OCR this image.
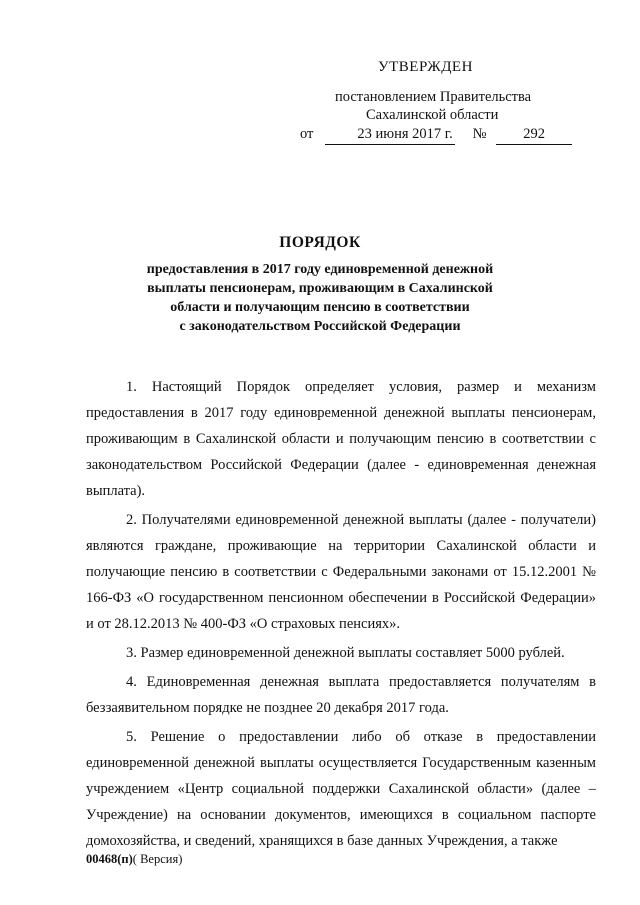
УТВЕРЖДЕН
постановлением Правительства
Сахалинской области
от	23 июня 2017 г. №	292
ПОРЯДОК
предоставления в 2017 году единовременной денежной
выплаты пенсионерам, проживающим в Сахалинской
области и получающим пенсию в соответствии
с законодательством Российской Федерации

1. Настоящий Порядок определяет условия, размер и механизм предоставления в 2017 году единовременной денежной выплаты пенсионерам, проживающим в Сахалинской области и получающим пенсию в соответствии с законодательством Российской Федерации (далее - единовременная денежная выплата).

2. Получателями единовременной денежной выплаты (далее - получатели) являются граждане, проживающие на территории Сахалинской области и получающие пенсию в соответствии с Федеральными законами от 15.12.2001 № 166-ФЗ «О государственном пенсионном обеспечении в Российской Федерации» и от 28.12.2013 № 400-ФЗ «О страховых пенсиях».

3. Размер единовременной денежной выплаты составляет 5000 рублей.

4. Единовременная денежная выплата предоставляется получателям в беззаявительном порядке не позднее 20 декабря 2017 года.

5. Решение о предоставлении либо об отказе в предоставлении единовременной денежной выплаты осуществляется Государственным казенным учреждением «Центр социальной поддержки Сахалинской области» (далее – Учреждение) на основании документов, имеющихся в социальном паспорте домохозяйства, и сведений, хранящихся в базе данных Учреждения, а также

00468(п)( Версия)
